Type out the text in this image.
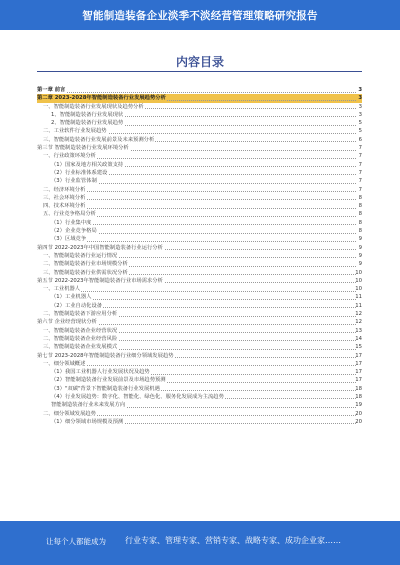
智能制造装备企业淡季不淡经营管理策略研究报告
内容目录
第一章 前言	3
第二章 2023-2028年智能制造装备行业发展趋势分析	3
一、智能制造装备行业发展现状及趋势分析	3
1、智能制造装备行业发展现状	3
2、智能制造装备行业发展趋势	5
二、工业软件行业发展趋势	5
三、智能制造装备行业发展前景及未来预测分析	6
第三节 智能制造装备行业发展环境分析	7
一、行业政策环境分析	7
（1）国家及地方相关政策支持	7
（2）行业标准体系建设	7
（3）行业监管体制	7
二、经济环境分析	7
三、社会环境分析	8
四、技术环境分析	8
五、行业竞争格局分析	8
（1）行业集中度	8
（2）企业竞争格局	8
（3）区域竞争	9
第四节 2022-2023年中国智能制造装备行业运行分析	9
一、智能制造装备行业运行情况	9
二、智能制造装备行业市场规模分析	9
三、智能制造装备行业供需状况分析	10
第五节 2022-2023年智能制造装备行业市场需求分析	10
一、工业机器人	10
（1）工业机器人	11
（2）工业自动化设备	11
二、智能制造装备下游应用分析	12
第六节 企业经营现状分析	12
一、智能制造装备企业经营状况	13
二、智能制造装备企业经营风险	14
三、智能制造装备企业发展模式	15
第七节 2023-2028年智能制造装备行业细分领域发展趋势	17
一、细分领域概述	17
（1）我国工业机器人行业发展状况及趋势	17
（2）智能制造装备行业发展前景及市场趋势预测	17
（3）"双碳"背景下智能制造装备行业发展机遇	18
（4）行业发展趋势：数字化、智能化、绿色化、服务化发展成为主流趋势	18
智能制造装备行业未来发展方向	19
二、细分领域发展趋势	20
（1）细分领域市场规模及预测	20
让每个人都能成为 行业专家、管理专家、营销专家、战略专家、成功企业家……
